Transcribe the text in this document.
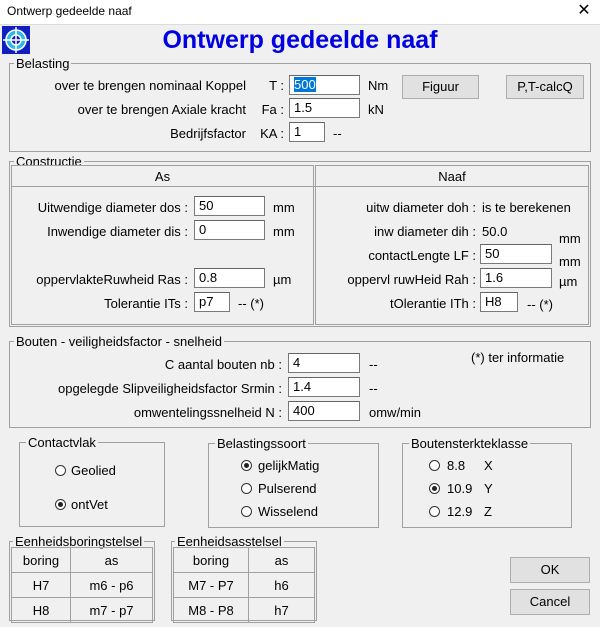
Ontwerp gedeelde naaf	✕
Ontwerp gedeelde naaf
Belasting
over te brengen nominaal Koppel	T : 500	Nm
over te brengen Axiale kracht	Fa : 1.5	kN
Bedrijfsfactor	KA : 1	--
Figuur	P,T-calcQ
Constructie
As	Naaf
Uitwendige diameter dos : 50	mm
Inwendige diameter dis : 0	mm
oppervlakteRuwheid Ras : 0.8	µm
Tolerantie ITs : p7	-- (*)
uitw diameter doh : is te berekenen
inw diameter dih : 50.0	mm
contactLengte LF : 50
mm
oppervl ruwHeid Rah : 1.6	µm
tOlerantie ITh : H8	-- (*)
Bouten - veiligheidsfactor - snelheid
(*) ter informatie
C aantal bouten nb : 4	--
opgelegde Slipveiligheidsfactor Srmin : 1.4	--
omwentelingssnelheid N : 400	omw/min
Contactvlak
Geolied
ontVet
Belastingssoort
gelijkMatig
Pulserend
Wisselend
Boutensterkteklasse
8.8 X
10.9 Y
12.9 Z
Eenheidsboringstelsel
boring	as
H7	m6 - p6
H8	m7 - p7
Eenheidsasstelsel
boring	as
M7 - P7	h6
M8 - P8	h7
OK
Cancel
